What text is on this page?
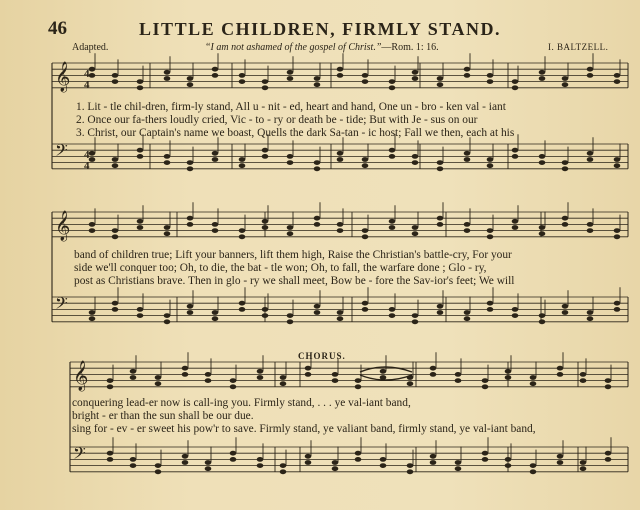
46	LITTLE CHILDREN, FIRMLY STAND.
Adapted.	“I am not ashamed of the gospel of Christ.”—Rom. 1: 16.	I. BALTZELL.
𝄞
𝄢
𝄞
𝄢
𝄞
𝄢
4
4
4
4
1. Lit - tle chil-dren, firm-ly stand, All u - nit - ed, heart and hand, One un - bro - ken val - iant
2. Once our fa-thers loudly cried, Vic - to - ry or death be - tide; But with Je - sus on our
3. Christ, our Captain's name we boast, Quells the dark Sa-tan - ic host; Fall we then, each at his
band of children true; Lift your banners, lift them high, Raise the Christian's battle-cry, For your
side we'll conquer too; Oh, to die, the bat - tle won; Oh, to fall, the warfare done ; Glo - ry,
post as Christians brave. Then in glo - ry we shall meet, Bow be - fore the Sav-ior's feet; We will
CHORUS.
conquering lead-er now is call-ing you. Firmly stand, . . . ye val-iant band,
bright - er than the sun shall be our due.
sing for - ev - er sweet his pow'r to save. Firmly stand, ye valiant band, firmly stand, ye val-iant band,
